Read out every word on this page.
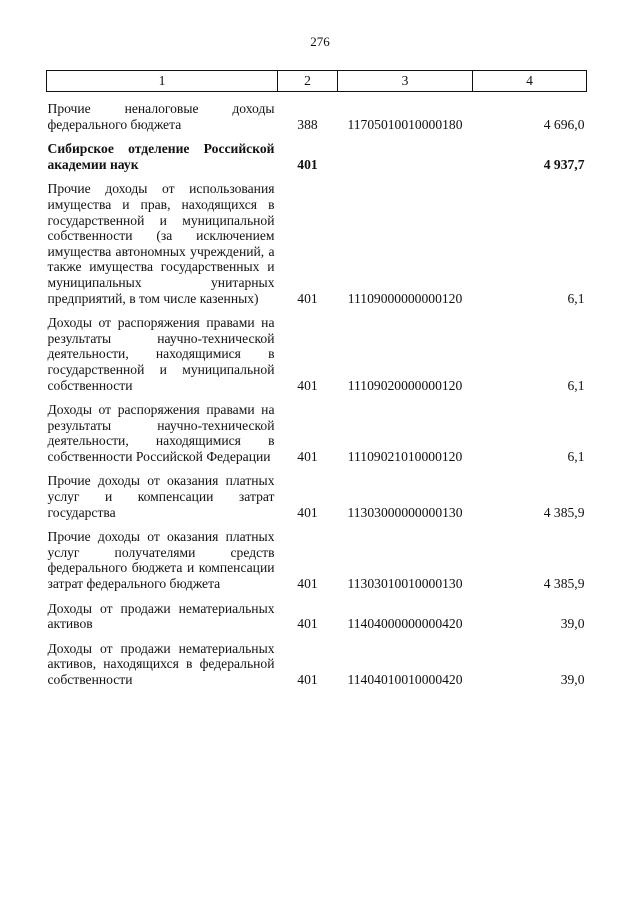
276
1	2	3	4

Прочие неналоговые доходы федерального бюджета	388	11705010010000180	4 696,0

Сибирское отделение Российской академии наук	401		4 937,7

Прочие доходы от использования имущества и прав, находящихся в государственной и муниципальной собственности (за исключением имущества автономных учреждений, а также имущества государственных и муниципальных унитарных предприятий, в том числе казенных)	401	11109000000000120	6,1

Доходы от распоряжения правами на результаты научно-технической деятельности, находящимися в государственной и муниципальной собственности	401	11109020000000120	6,1

Доходы от распоряжения правами на результаты научно-технической деятельности, находящимися в собственности Российской Федерации	401	11109021010000120	6,1

Прочие доходы от оказания платных услуг и компенсации затрат государства	401	11303000000000130	4 385,9

Прочие доходы от оказания платных услуг получателями средств федерального бюджета и компенсации затрат федерального бюджета	401	11303010010000130	4 385,9

Доходы от продажи нематериальных активов	401	11404000000000420	39,0

Доходы от продажи нематериальных активов, находящихся в федеральной собственности	401	11404010010000420	39,0
